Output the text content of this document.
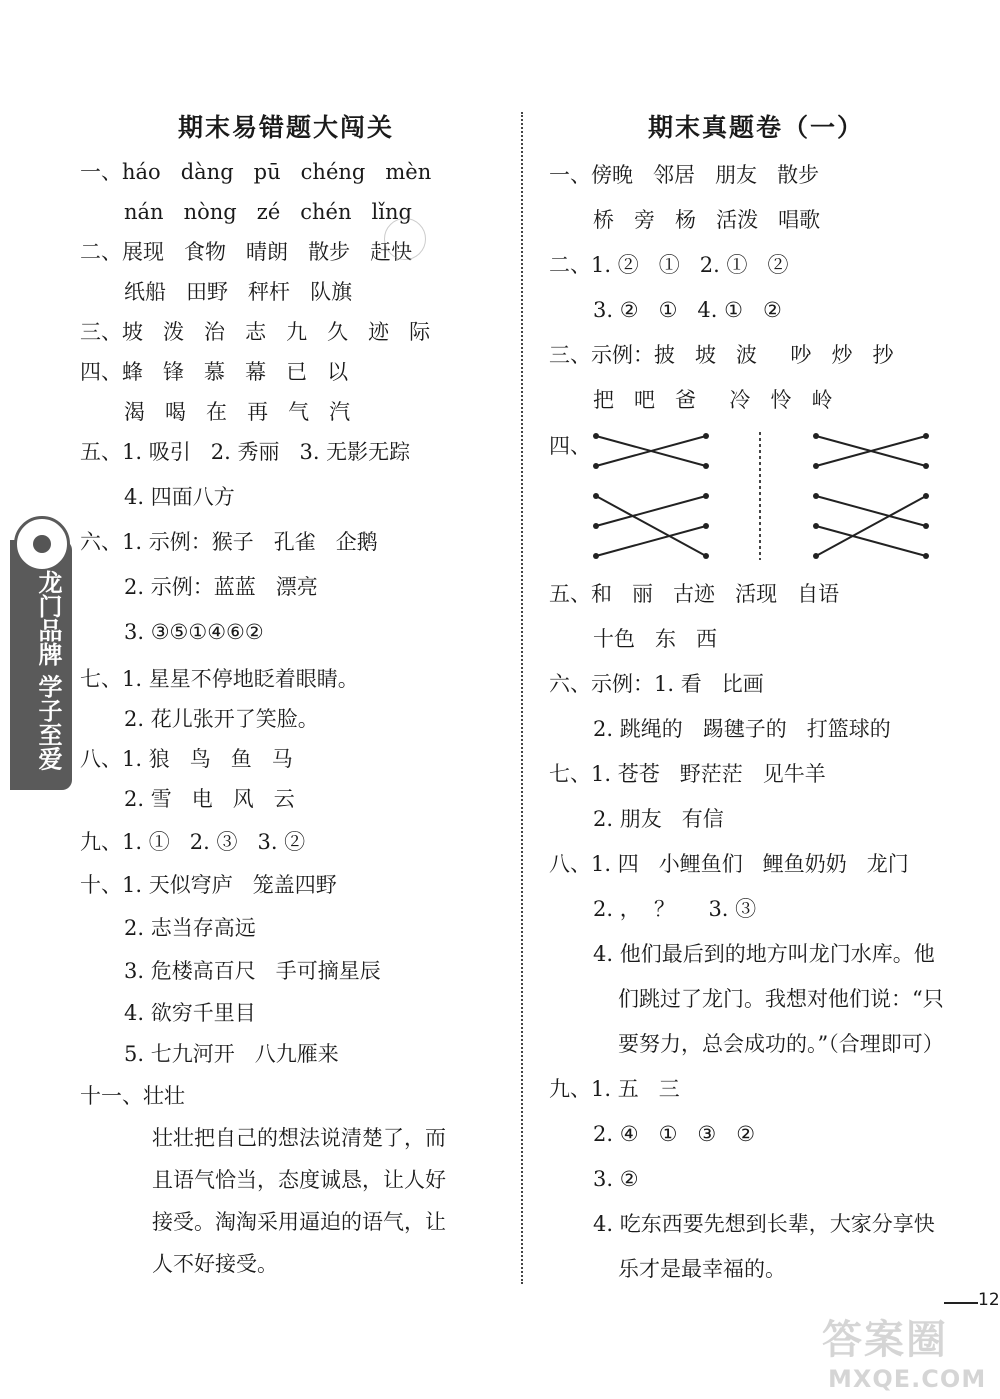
期末易错题大闯关
一、háo   dàng   pū   chéng   mèn
nán   nòng   zé   chén   lǐng
二、展现   食物   晴朗   散步   赶快
纸船   田野   秤杆   队旗
三、坡   泼   治   志   九   久   迹   际
四、蜂   锋   慕   幕   已   以
渴   喝   在   再   气   汽
五、1. 吸引   2. 秀丽   3. 无影无踪
4. 四面八方
六、1. 示例：猴子   孔雀   企鹅
2. 示例：蓝蓝   漂亮
3. ③⑤①④⑥②
七、1. 星星不停地眨着眼睛。
2. 花儿张开了笑脸。
八、1. 狼   鸟   鱼   马
2. 雪   电   风   云
九、1. ①   2. ③   3. ②
十、1. 天似穹庐   笼盖四野
2. 志当存高远
3. 危楼高百尺   手可摘星辰
4. 欲穷千里目
5. 七九河开   八九雁来
十一、壮壮
壮壮把自己的想法说清楚了，而
且语气恰当，态度诚恳，让人好
接受。淘淘采用逼迫的语气，让
人不好接受。
期末真题卷（一）
一、傍晚   邻居   朋友   散步
桥   旁   杨   活泼   唱歌
二、1. ②   ①   2. ①   ②
3. ②   ①   4. ①   ②
三、示例：披   坡   波     吵   炒   抄
把   吧   爸     冷   怜   岭
四、
五、和   丽   古迹   活现   自语
十色   东   西
六、示例：1. 看   比画
2. 跳绳的   踢毽子的   打篮球的
七、1. 苍苍   野茫茫   见牛羊
2. 朋友   有信
八、1. 四   小鲤鱼们   鲤鱼奶奶   龙门
2. ，  ？     3. ③
4. 他们最后到的地方叫龙门水库。他
们跳过了龙门。我想对他们说：“只
要努力，总会成功的。”（合理即可）
九、1. 五   三
2. ④   ①   ③   ②
3. ②
4. 吃东西要先想到长辈，大家分享快
乐才是最幸福的。
龙门品牌 学子至爱
12
答案圈
MXQE.COM
